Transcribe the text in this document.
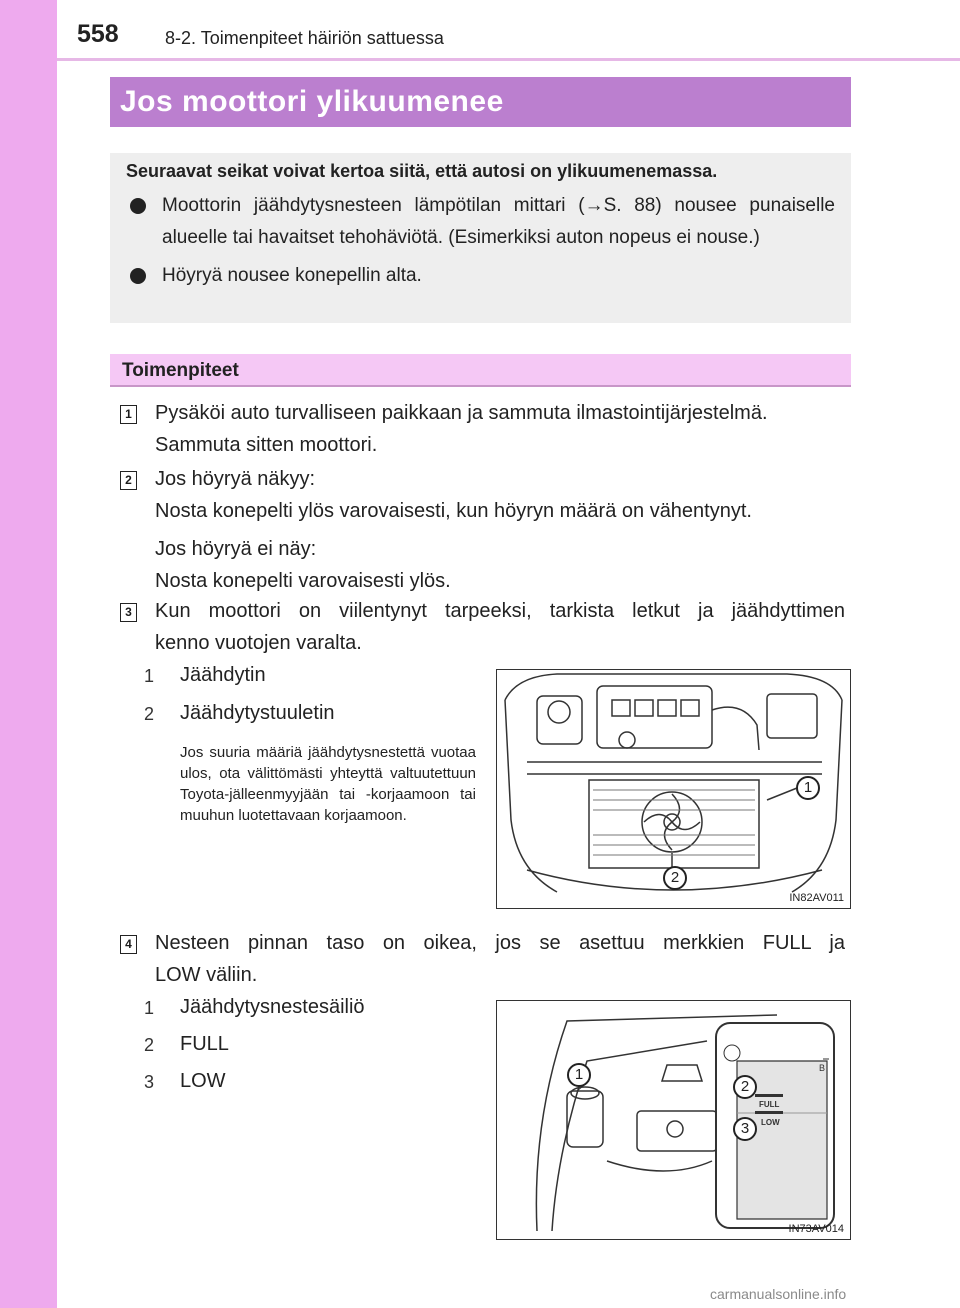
558	8-2. Toimenpiteet häiriön sattuessa
Jos moottori ylikuumenee
Seuraavat seikat voivat kertoa siitä, että autosi on ylikuumenemassa.
Moottorin jäähdytysnesteen lämpötilan mittari (→S. 88) nousee punaiselle alueelle tai havaitset tehohäviötä. (Esimerkiksi auton nopeus ei nouse.)
Höyryä nousee konepellin alta.
Toimenpiteet
1 Pysäköi auto turvalliseen paikkaan ja sammuta ilmastointijärjestelmä.
Sammuta sitten moottori.
2 Jos höyryä näkyy:
Nosta konepelti ylös varovaisesti, kun höyryn määrä on vähentynyt.
Jos höyryä ei näy:
Nosta konepelti varovaisesti ylös.
3 Kun moottori on viilentynyt tarpeeksi, tarkista letkut ja jäähdyttimen
kenno vuotojen varalta.
1	Jäähdytin
2	Jäähdytystuuletin
Jos suuria määriä jäähdytysnestettä vuotaa ulos, ota välittömästi yhteyttä valtuutettuun Toyota-jälleenmyyjään tai -korjaamoon tai muuhun luotettavaan korjaamoon.
1
2
IN82AV011
4 Nesteen pinnan taso on oikea, jos se asettuu merkkien FULL ja
LOW väliin.
1	Jäähdytysnestesäiliö
2	FULL
3	LOW
B
FULL
LOW
1
2
3
IN73AV014
carmanualsonline.info
